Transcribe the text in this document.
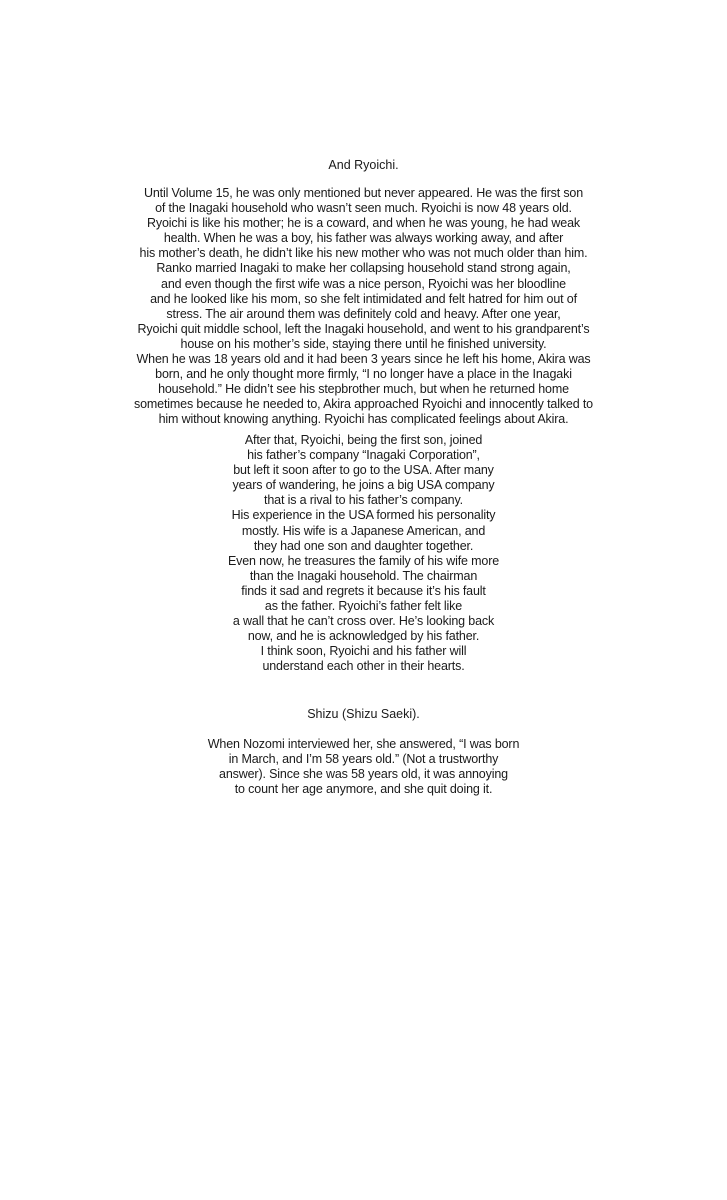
And Ryoichi.
Until Volume 15, he was only mentioned but never appeared. He was the first son
of the Inagaki household who wasn’t seen much. Ryoichi is now 48 years old.
Ryoichi is like his mother; he is a coward, and when he was young, he had weak
health. When he was a boy, his father was always working away, and after
his mother’s death, he didn’t like his new mother who was not much older than him.
Ranko married Inagaki to make her collapsing household stand strong again,
and even though the first wife was a nice person, Ryoichi was her bloodline
and he looked like his mom, so she felt intimidated and felt hatred for him out of
stress. The air around them was definitely cold and heavy. After one year,
Ryoichi quit middle school, left the Inagaki household, and went to his grandparent’s
house on his mother’s side, staying there until he finished university.
When he was 18 years old and it had been 3 years since he left his home, Akira was
born, and he only thought more firmly, “I no longer have a place in the Inagaki
household.” He didn’t see his stepbrother much, but when he returned home
sometimes because he needed to, Akira approached Ryoichi and innocently talked to
him without knowing anything. Ryoichi has complicated feelings about Akira.
After that, Ryoichi, being the first son, joined
his father’s company “Inagaki Corporation”,
but left it soon after to go to the USA. After many
years of wandering, he joins a big USA company
that is a rival to his father’s company.
His experience in the USA formed his personality
mostly. His wife is a Japanese American, and
they had one son and daughter together.
Even now, he treasures the family of his wife more
than the Inagaki household. The chairman
finds it sad and regrets it because it’s his fault
as the father. Ryoichi’s father felt like
a wall that he can’t cross over. He’s looking back
now, and he is acknowledged by his father.
I think soon, Ryoichi and his father will
understand each other in their hearts.
Shizu (Shizu Saeki).
When Nozomi interviewed her, she answered, “I was born
in March, and I’m 58 years old.” (Not a trustworthy
answer). Since she was 58 years old, it was annoying
to count her age anymore, and she quit doing it.
